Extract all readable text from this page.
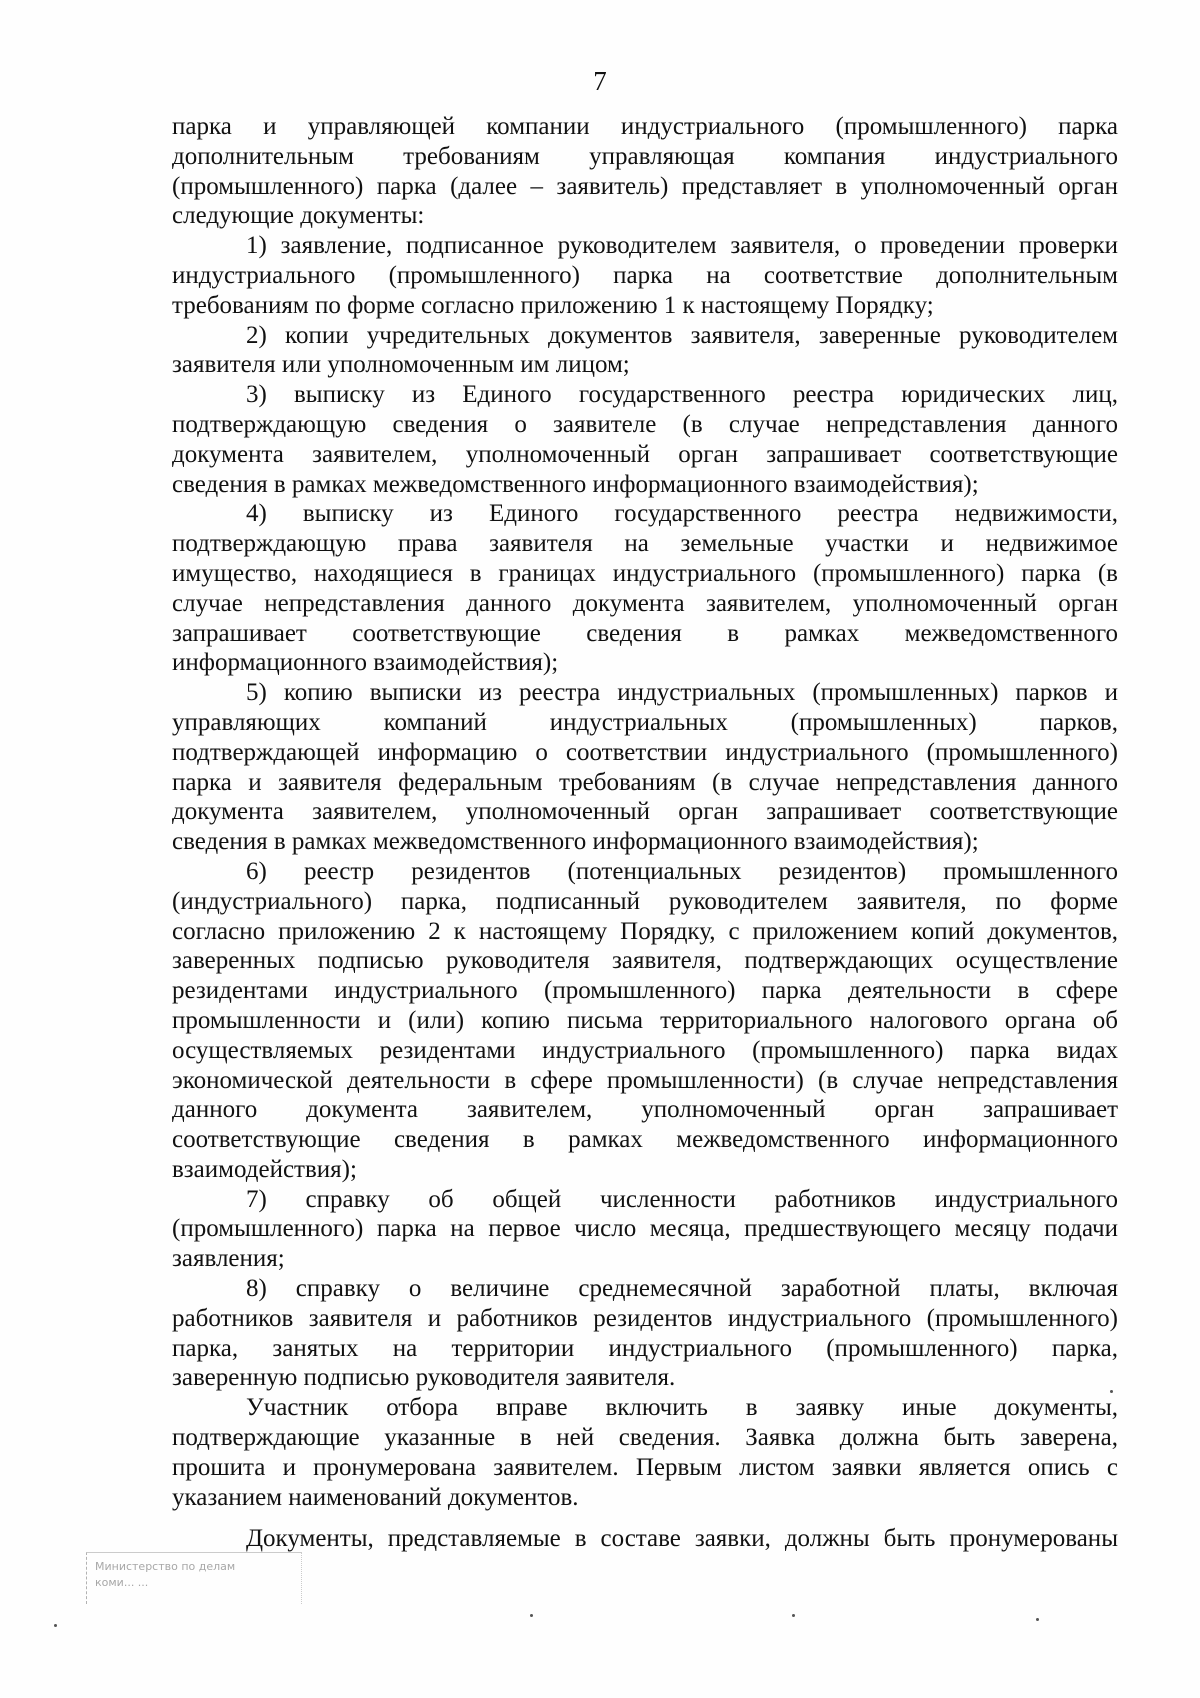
7
парка и управляющей компании индустриального (промышленного) парка
дополнительным требованиям управляющая компания индустриального
(промышленного) парка (далее – заявитель) представляет в уполномоченный орган
следующие документы:
1) заявление, подписанное руководителем заявителя, о проведении проверки
индустриального (промышленного) парка на соответствие дополнительным
требованиям по форме согласно приложению 1 к настоящему Порядку;
2) копии учредительных документов заявителя, заверенные руководителем
заявителя или уполномоченным им лицом;
3) выписку из Единого государственного реестра юридических лиц,
подтверждающую сведения о заявителе (в случае непредставления данного
документа заявителем, уполномоченный орган запрашивает соответствующие
сведения в рамках межведомственного информационного взаимодействия);
4) выписку из Единого государственного реестра недвижимости,
подтверждающую права заявителя на земельные участки и недвижимое
имущество, находящиеся в границах индустриального (промышленного) парка (в
случае непредставления данного документа заявителем, уполномоченный орган
запрашивает соответствующие сведения в рамках межведомственного
информационного взаимодействия);
5) копию выписки из реестра индустриальных (промышленных) парков и
управляющих компаний индустриальных (промышленных) парков,
подтверждающей информацию о соответствии индустриального (промышленного)
парка и заявителя федеральным требованиям (в случае непредставления данного
документа заявителем, уполномоченный орган запрашивает соответствующие
сведения в рамках межведомственного информационного взаимодействия);
6) реестр резидентов (потенциальных резидентов) промышленного
(индустриального) парка, подписанный руководителем заявителя, по форме
согласно приложению 2 к настоящему Порядку, с приложением копий документов,
заверенных подписью руководителя заявителя, подтверждающих осуществление
резидентами индустриального (промышленного) парка деятельности в сфере
промышленности и (или) копию письма территориального налогового органа об
осуществляемых резидентами индустриального (промышленного) парка видах
экономической деятельности в сфере промышленности) (в случае непредставления
данного документа заявителем, уполномоченный орган запрашивает
соответствующие сведения в рамках межведомственного информационного
взаимодействия);
7) справку об общей численности работников индустриального
(промышленного) парка на первое число месяца, предшествующего месяцу подачи
заявления;
8) справку о величине среднемесячной заработной платы, включая
работников заявителя и работников резидентов индустриального (промышленного)
парка, занятых на территории индустриального (промышленного) парка,
заверенную подписью руководителя заявителя.
Участник отбора вправе включить в заявку иные документы,
подтверждающие указанные в ней сведения. Заявка должна быть заверена,
прошита и пронумерована заявителем. Первым листом заявки является опись с
указанием наименований документов.
Документы, представляемые в составе заявки, должны быть пронумерованы
Министерство по делам
коми... ...
